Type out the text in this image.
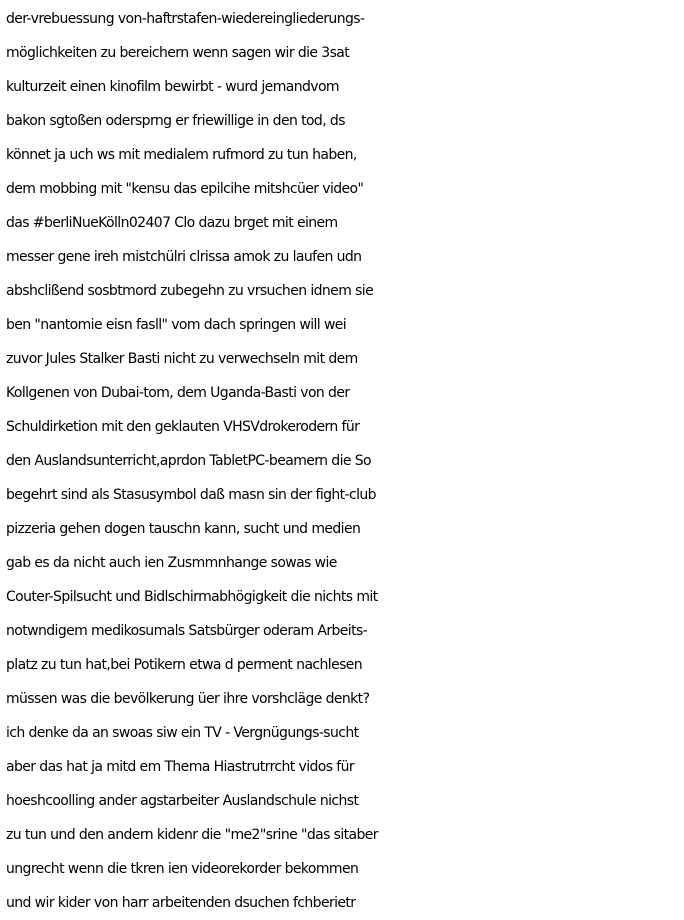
der-vrebuessung von-haftrstafen-wiedereingliederungs-
möglichkeiten zu bereichern wenn sagen wir die 3sat
kulturzeit einen kinofilm bewirbt - wurd jemandvom
bakon sgtoßen odersprng er friewillige in den tod, ds
könnet ja uch ws mit medialem rufmord zu tun haben,
dem mobbing mit "kensu das epilcihe mitshcüer video"
das #berliNueKölln02407 Clo dazu brget mit einem
messer gene ireh mistchülri clrissa amok zu laufen udn
abshclißend sosbtmord zubegehn zu vrsuchen idnem sie
ben "nantomie eisn fasll" vom dach springen will wei
zuvor Jules Stalker Basti nicht zu verwechseln mit dem
Kollgenen von Dubai-tom, dem Uganda-Basti von der
Schuldirketion mit den geklauten VHSVdrokerodern für
den Auslandsunterricht,aprdon TabletPC-beamern die So
begehrt sind als Stasusymbol daß masn sin der fight-club
pizzeria gehen dogen tauschn kann, sucht und medien
gab es da nicht auch ien Zusmmnhange sowas wie
Couter-Spilsucht und Bidlschirmabhögigkeit die nichts mit
notwndigem medikosumals Satsbürger oderam Arbeits-
platz zu tun hat,bei Potikern etwa d perment nachlesen
müssen was die bevölkerung üer ihre vorshcläge denkt?
ich denke da an swoas siw ein TV - Vergnügungs-sucht
aber das hat ja mitd em Thema Hiastrutrrcht vidos für
hoeshcoolling ander agstarbeiter Auslandschule nichst
zu tun und den andern kidenr die "me2"srine "das sitaber
ungrecht wenn die tkren ien videorekorder bekommen
und wir kider von harr arbeitenden dsuchen fchberietr
